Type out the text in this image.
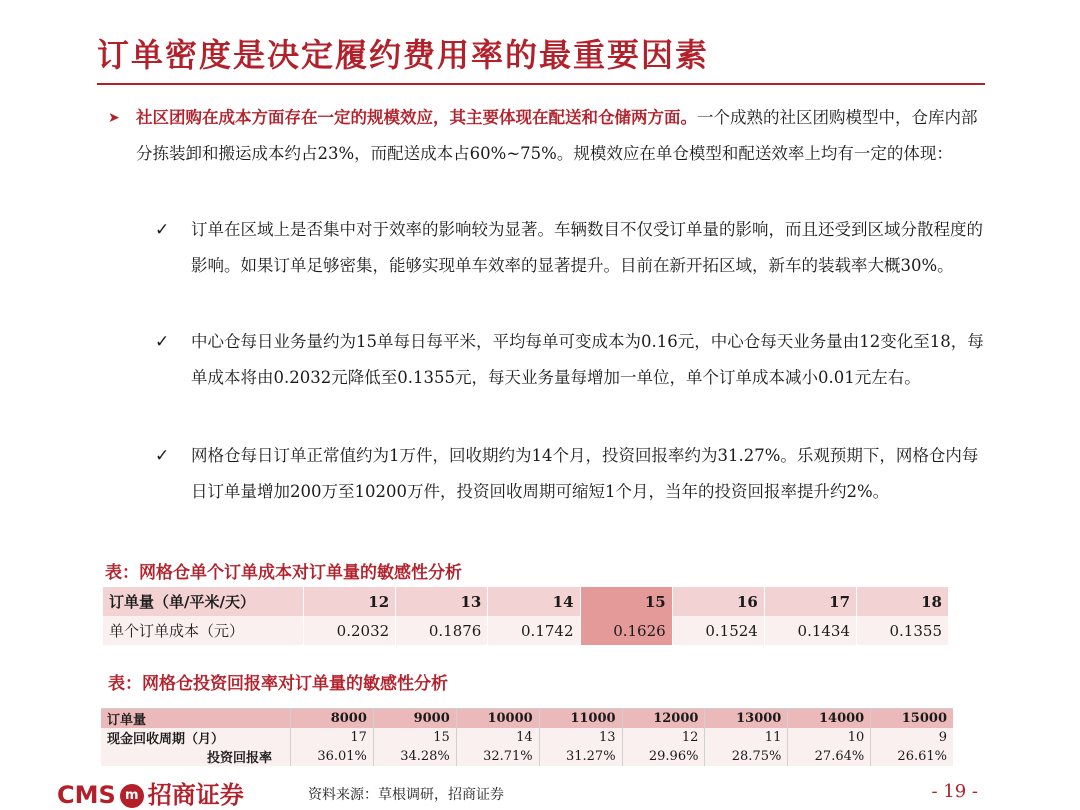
订单密度是决定履约费用率的最重要因素
➤ 社区团购在成本方面存在一定的规模效应，其主要体现在配送和仓储两方面。一个成熟的社区团购模型中，仓库内部分拣装卸和搬运成本约占23%，而配送成本占60%~75%。规模效应在单仓模型和配送效率上均有一定的体现：
✓ 订单在区域上是否集中对于效率的影响较为显著。车辆数目不仅受订单量的影响，而且还受到区域分散程度的影响。如果订单足够密集，能够实现单车效率的显著提升。目前在新开拓区域，新车的装载率大概30%。
✓ 中心仓每日业务量约为15单每日每平米，平均每单可变成本为0.16元，中心仓每天业务量由12变化至18，每单成本将由0.2032元降低至0.1355元，每天业务量每增加一单位，单个订单成本减小0.01元左右。
✓ 网格仓每日订单正常值约为1万件，回收期约为14个月，投资回报率约为31.27%。乐观预期下，网格仓内每日订单量增加200万至10200万件，投资回收周期可缩短1个月，当年的投资回报率提升约2%。
表：网格仓单个订单成本对订单量的敏感性分析
订单量（单/平米/天）	12	13	14	15	16	17	18
单个订单成本（元）	0.2032	0.1876	0.1742	0.1626	0.1524	0.1434	0.1355
表：网格仓投资回报率对订单量的敏感性分析
订单量	8000	9000	10000	11000	12000	13000	14000	15000
现金回收周期（月）	17	15	14	13	12	11	10	9
投资回报率	36.01%	34.28%	32.71%	31.27%	29.96%	28.75%	27.64%	26.61%
CMS m 招商证券	资料来源：草根调研，招商证券	- 19 -
